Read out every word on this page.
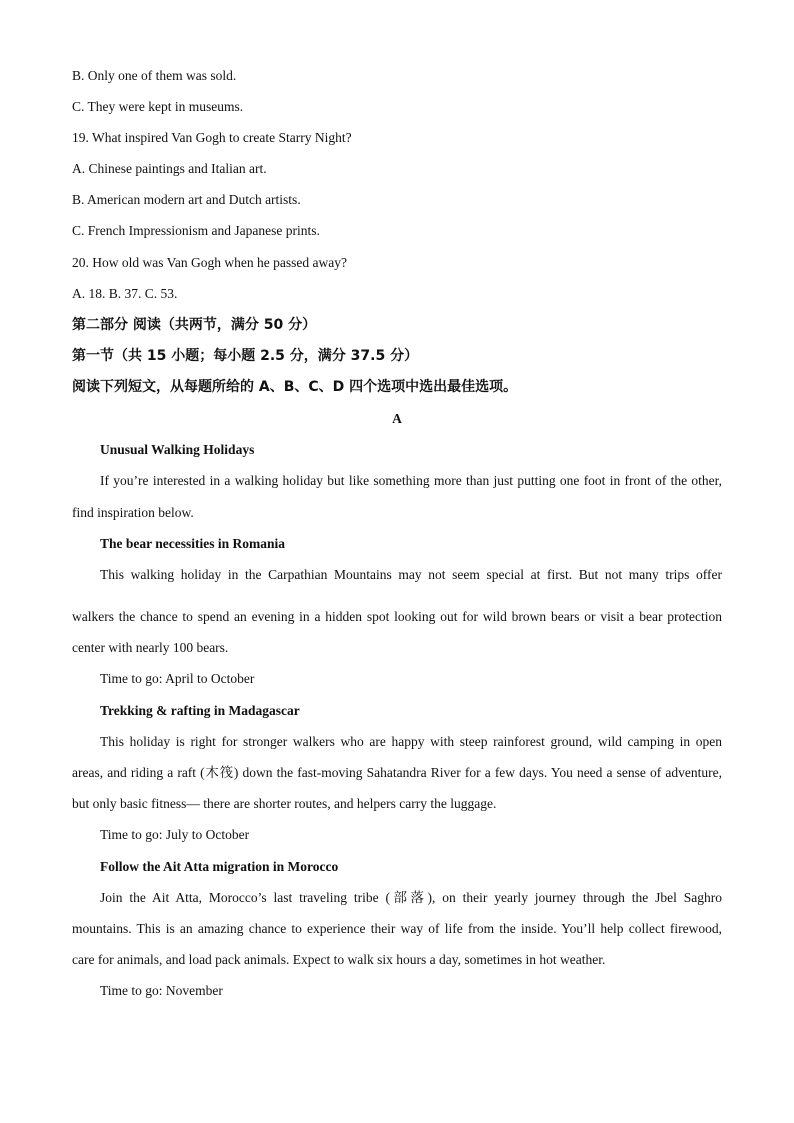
B. Only one of them was sold.
C. They were kept in museums.
19. What inspired Van Gogh to create Starry Night?
A. Chinese paintings and Italian art.
B. American modern art and Dutch artists.
C. French Impressionism and Japanese prints.
20. How old was Van Gogh when he passed away?
A. 18. B. 37. C. 53.
第二部分 阅读（共两节，满分 50 分）
第一节（共 15 小题；每小题 2.5 分，满分 37.5 分）
阅读下列短文，从每题所给的 A、B、C、D 四个选项中选出最佳选项。
A
Unusual Walking Holidays
If you’re interested in a walking holiday but like something more than just putting one foot in front of the other,
find inspiration below.
The bear necessities in Romania
This walking holiday in the Carpathian Mountains may not seem special at first. But not many trips offer
walkers the chance to spend an evening in a hidden spot looking out for wild brown bears or visit a bear protection
center with nearly 100 bears.
Time to go: April to October
Trekking & rafting in Madagascar
This holiday is right for stronger walkers who are happy with steep rainforest ground, wild camping in open
areas, and riding a raft (木筏) down the fast-moving Sahatandra River for a few days. You need a sense of adventure,
but only basic fitness— there are shorter routes, and helpers carry the luggage.
Time to go: July to October
Follow the Ait Atta migration in Morocco
Join the Ait Atta, Morocco’s last traveling tribe (部落), on their yearly journey through the Jbel Saghro
mountains. This is an amazing chance to experience their way of life from the inside. You’ll help collect firewood,
care for animals, and load pack animals. Expect to walk six hours a day, sometimes in hot weather.
Time to go: November
